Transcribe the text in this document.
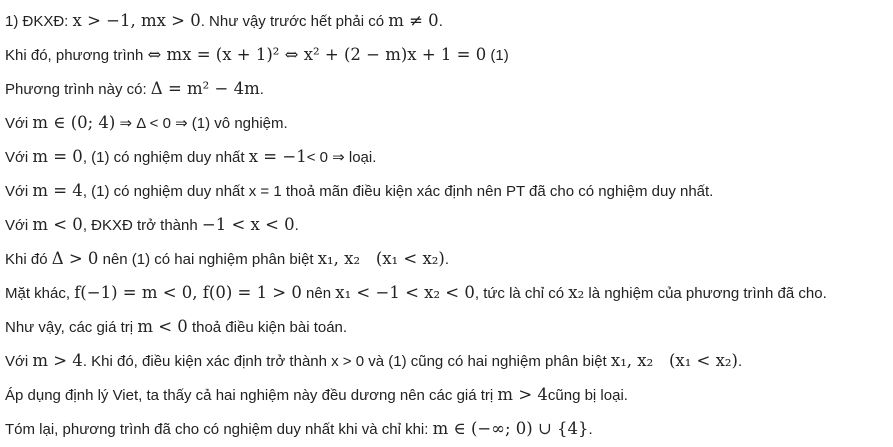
1) ĐKXĐ: x > −1, mx > 0. Như vậy trước hết phải có m ≠ 0.
Khi đó, phương trình ⇔ mx = (x + 1)² ⇔ x² + (2 − m)x + 1 = 0 (1)
Phương trình này có: Δ = m² − 4m.
Với m ∈ (0; 4) ⇒ Δ < 0 ⇒ (1) vô nghiệm.
Với m = 0, (1) có nghiệm duy nhất x = −1< 0 ⇒ loại.
Với m = 4, (1) có nghiệm duy nhất x = 1 thoả mãn điều kiện xác định nên PT đã cho có nghiệm duy nhất.
Với m < 0, ĐKXĐ trở thành −1 < x < 0.
Khi đó Δ > 0 nên (1) có hai nghiệm phân biệt x₁, x₂   (x₁ < x₂).
Mặt khác, f(−1) = m < 0, f(0) = 1 > 0 nên x₁ < −1 < x₂ < 0, tức là chỉ có x₂ là nghiệm của phương trình đã cho.
Như vậy, các giá trị m < 0 thoả điều kiện bài toán.
Với m > 4. Khi đó, điều kiện xác định trở thành x > 0 và (1) cũng có hai nghiệm phân biệt x₁, x₂   (x₁ < x₂).
Áp dụng định lý Viet, ta thấy cả hai nghiệm này đều dương nên các giá trị m > 4cũng bị loại.
Tóm lại, phương trình đã cho có nghiệm duy nhất khi và chỉ khi: m ∈ (−∞; 0) ∪ {4}.
